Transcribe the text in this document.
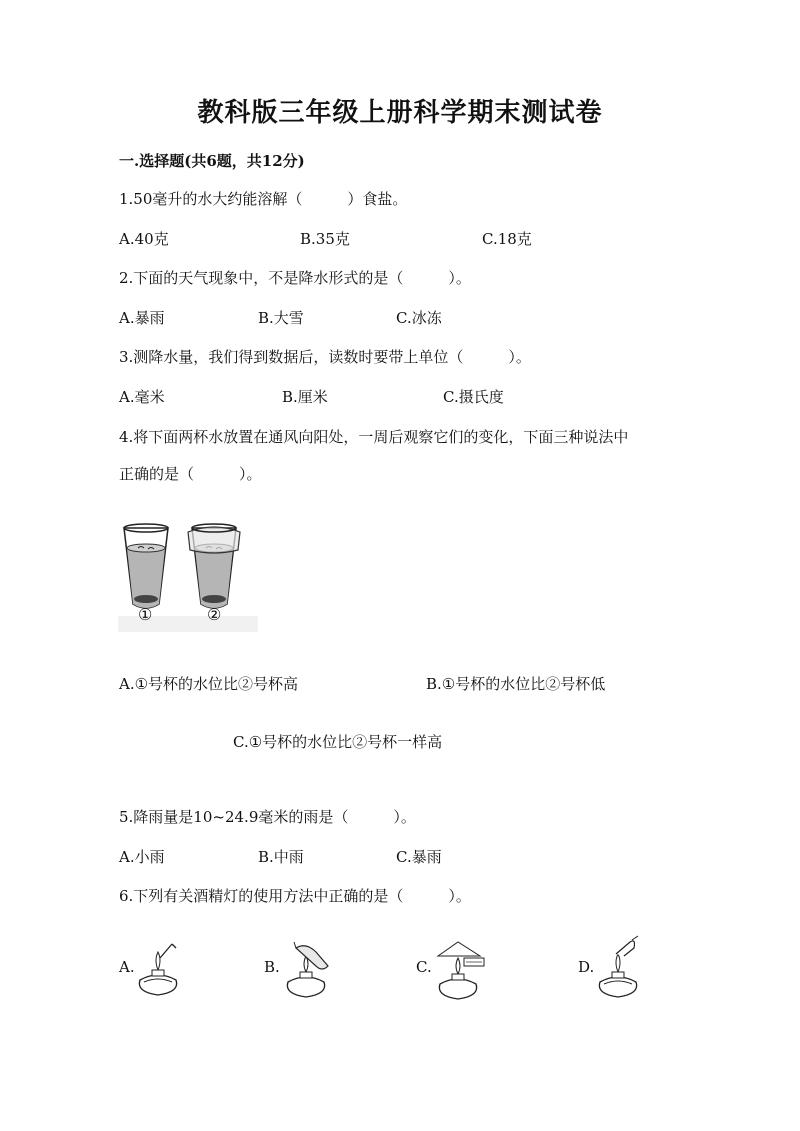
教科版三年级上册科学期末测试卷
一.选择题(共6题，共12分)
1.50毫升的水大约能溶解（　　　）食盐。
A.40克	B.35克	C.18克
2.下面的天气现象中，不是降水形式的是（　　　）。
A.暴雨	B.大雪	C.冰冻
3.测降水量，我们得到数据后，读数时要带上单位（　　　）。
A.毫米	B.厘米	C.摄氏度
4.将下面两杯水放置在通风向阳处，一周后观察它们的变化，下面三种说法中
正确的是（　　　）。
①	②
A.①号杯的水位比②号杯高	B.①号杯的水位比②号杯低
C.①号杯的水位比②号杯一样高
5.降雨量是10~24.9毫米的雨是（　　　）。
A.小雨	B.中雨	C.暴雨
6.下列有关酒精灯的使用方法中正确的是（　　　）。
A.	B.	C.	D.
